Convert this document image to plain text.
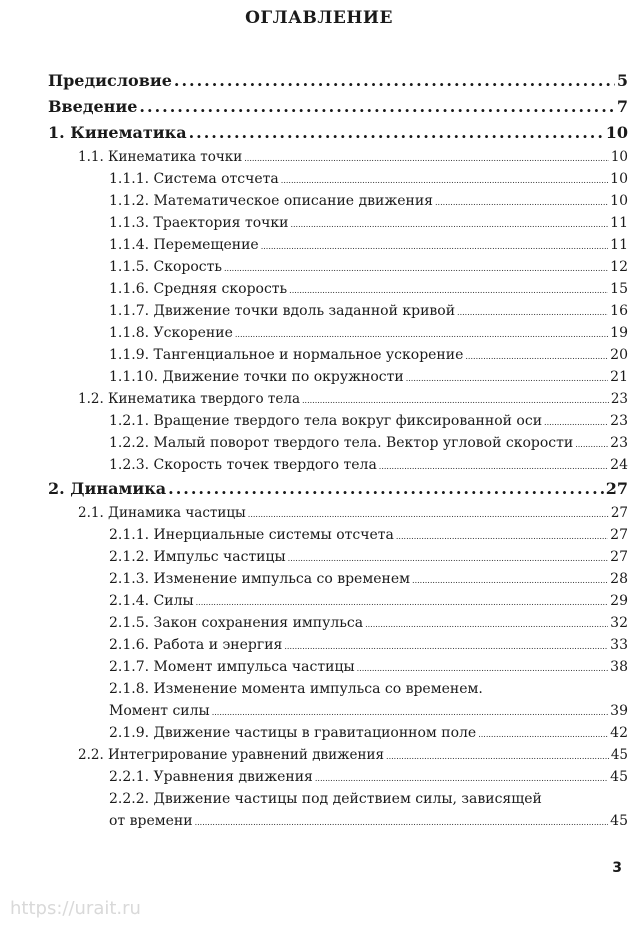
ОГЛАВЛЕНИЕ
Предисловие .....	5
Введение .....	7
1. Кинематика .....	10
1.1. Кинематика точки .....	10
1.1.1. Система отсчета .....	10
1.1.2. Математическое описание движения .....	10
1.1.3. Траектория точки .....	11
1.1.4. Перемещение .....	11
1.1.5. Скорость .....	12
1.1.6. Средняя скорость .....	15
1.1.7. Движение точки вдоль заданной кривой .....	16
1.1.8. Ускорение .....	19
1.1.9. Тангенциальное и нормальное ускорение .....	20
1.1.10. Движение точки по окружности .....	21
1.2. Кинематика твердого тела .....	23
1.2.1. Вращение твердого тела вокруг фиксированной оси .....	23
1.2.2. Малый поворот твердого тела. Вектор угловой скорости .....	23
1.2.3. Скорость точек твердого тела .....	24
2. Динамика .....	27
2.1. Динамика частицы .....	27
2.1.1. Инерциальные системы отсчета .....	27
2.1.2. Импульс частицы .....	27
2.1.3. Изменение импульса со временем .....	28
2.1.4. Силы .....	29
2.1.5. Закон сохранения импульса .....	32
2.1.6. Работа и энергия .....	33
2.1.7. Момент импульса частицы .....	38
2.1.8. Изменение момента импульса со временем.
Момент силы .....	39
2.1.9. Движение частицы в гравитационном поле .....	42
2.2. Интегрирование уравнений движения .....	45
2.2.1. Уравнения движения .....	45
2.2.2. Движение частицы под действием силы, зависящей
от времени .....	45
3
https://urait.ru
